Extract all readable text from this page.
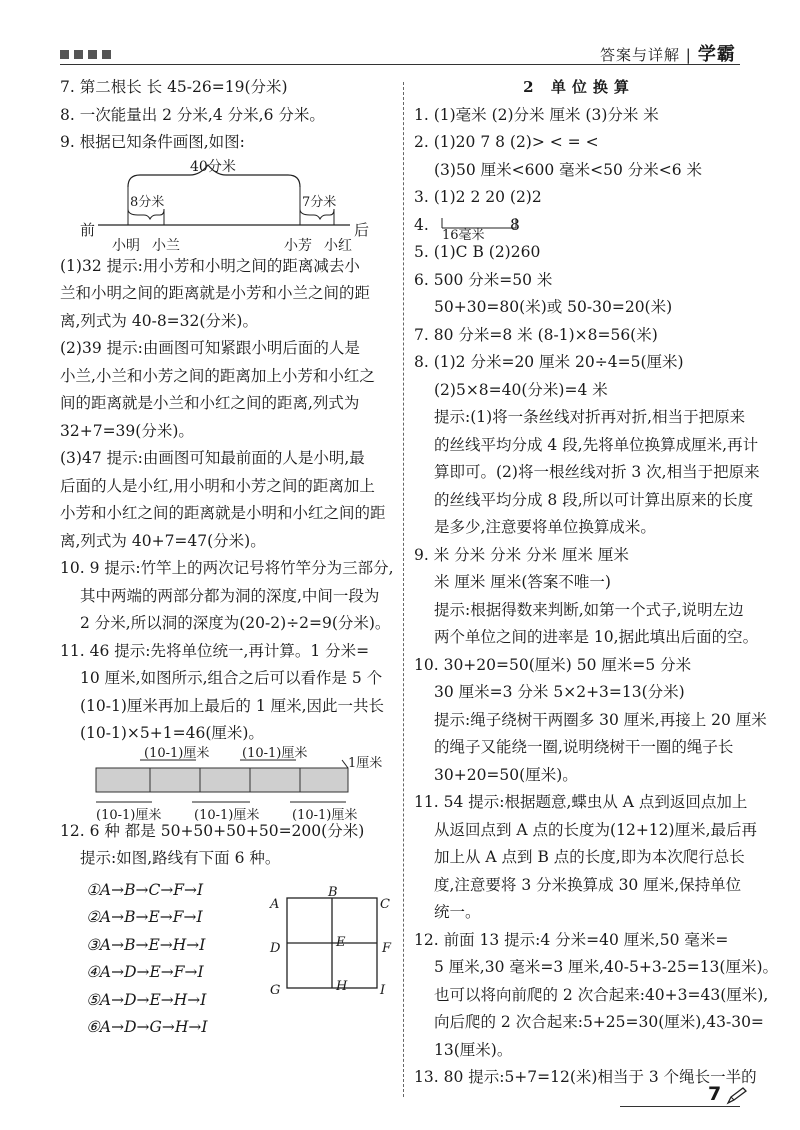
答案与详解 | 学霸

7. 第二根长 长 45-26=19(分米)

8. 一次能量出 2 分米,4 分米,6 分米。

9. 根据已知条件画图,如图:

40分米
8分米	7分米
前	后
小明 小兰	小芳 小红

(1)32 提示:用小芳和小明之间的距离减去小

兰和小明之间的距离就是小芳和小兰之间的距

离,列式为 40-8=32(分米)。

(2)39 提示:由画图可知紧跟小明后面的人是

小兰,小兰和小芳之间的距离加上小芳和小红之

间的距离就是小兰和小红之间的距离,列式为

32+7=39(分米)。

(3)47 提示:由画图可知最前面的人是小明,最

后面的人是小红,用小明和小芳之间的距离加上

小芳和小红之间的距离就是小明和小红之间的距

离,列式为 40+7=47(分米)。

10. 9 提示:竹竿上的两次记号将竹竿分为三部分,

其中两端的两部分都为洞的深度,中间一段为

2 分米,所以洞的深度为(20-2)÷2=9(分米)。

11. 46 提示:先将单位统一,再计算。1 分米=

10 厘米,如图所示,组合之后可以看作是 5 个

(10-1)厘米再加上最后的 1 厘米,因此一共长

(10-1)×5+1=46(厘米)。

(10-1)厘米	(10-1)厘米
1厘米
(10-1)厘米	(10-1)厘米	(10-1)厘米

12. 6 种 都是 50+50+50+50=200(分米)

提示:如图,路线有下面 6 种。

①A→B→C→F→I
②A→B→E→F→I
③A→B→E→H→I
④A→D→E→F→I
⑤A→D→E→H→I
⑥A→D→G→H→I
A
B
C
D	E	F
G	H	I

2 单位换算

1. (1)毫米 (2)分米 厘米 (3)分米 米

2. (1)20 7 8 (2)> < = <

(3)50 厘米<600 毫米<50 分米<6 米

3. (1)2 2 20 (2)2

4.
16毫米
8

5. (1)C B (2)260

6. 500 分米=50 米

50+30=80(米)或 50-30=20(米)

7. 80 分米=8 米 (8-1)×8=56(米)

8. (1)2 分米=20 厘米 20÷4=5(厘米)

(2)5×8=40(分米)=4 米

提示:(1)将一条丝线对折再对折,相当于把原来

的丝线平均分成 4 段,先将单位换算成厘米,再计

算即可。(2)将一根丝线对折 3 次,相当于把原来

的丝线平均分成 8 段,所以可计算出原来的长度

是多少,注意要将单位换算成米。

9. 米 分米 分米 分米 厘米 厘米

米 厘米 厘米(答案不唯一)

提示:根据得数来判断,如第一个式子,说明左边

两个单位之间的进率是 10,据此填出后面的空。

10. 30+20=50(厘米) 50 厘米=5 分米

30 厘米=3 分米 5×2+3=13(分米)

提示:绳子绕树干两圈多 30 厘米,再接上 20 厘米

的绳子又能绕一圈,说明绕树干一圈的绳子长

30+20=50(厘米)。

11. 54 提示:根据题意,蝶虫从 A 点到返回点加上

从返回点到 A 点的长度为(12+12)厘米,最后再

加上从 A 点到 B 点的长度,即为本次爬行总长

度,注意要将 3 分米换算成 30 厘米,保持单位

统一。

12. 前面 13 提示:4 分米=40 厘米,50 毫米=

5 厘米,30 毫米=3 厘米,40-5+3-25=13(厘米)。

也可以将向前爬的 2 次合起来:40+3=43(厘米),

向后爬的 2 次合起来:5+25=30(厘米),43-30=

13(厘米)。

13. 80 提示:5+7=12(米)相当于 3 个绳长一半的

7
